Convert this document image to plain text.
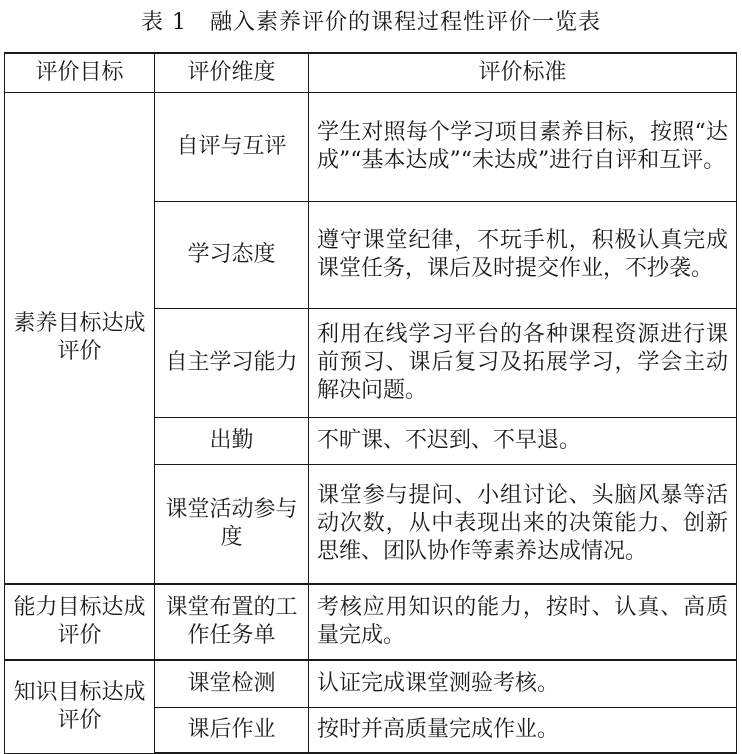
表 1　融入素养评价的课程过程性评价一览表
评价目标	评价维度	评价标准
素养目标达成评价	自评与互评	学生对照每个学习项目素养目标，按照“达成”“基本达成”“未达成”进行自评和互评。
	学习态度	遵守课堂纪律，不玩手机，积极认真完成课堂任务，课后及时提交作业，不抄袭。
	自主学习能力	利用在线学习平台的各种课程资源进行课前预习、课后复习及拓展学习，学会主动解决问题。
	出勤	不旷课、不迟到、不早退。
	课堂活动参与度	课堂参与提问、小组讨论、头脑风暴等活动次数，从中表现出来的决策能力、创新思维、团队协作等素养达成情况。
能力目标达成评价	课堂布置的工作任务单	考核应用知识的能力，按时、认真、高质量完成。
知识目标达成评价	课堂检测	认证完成课堂测验考核。
	课后作业	按时并高质量完成作业。
